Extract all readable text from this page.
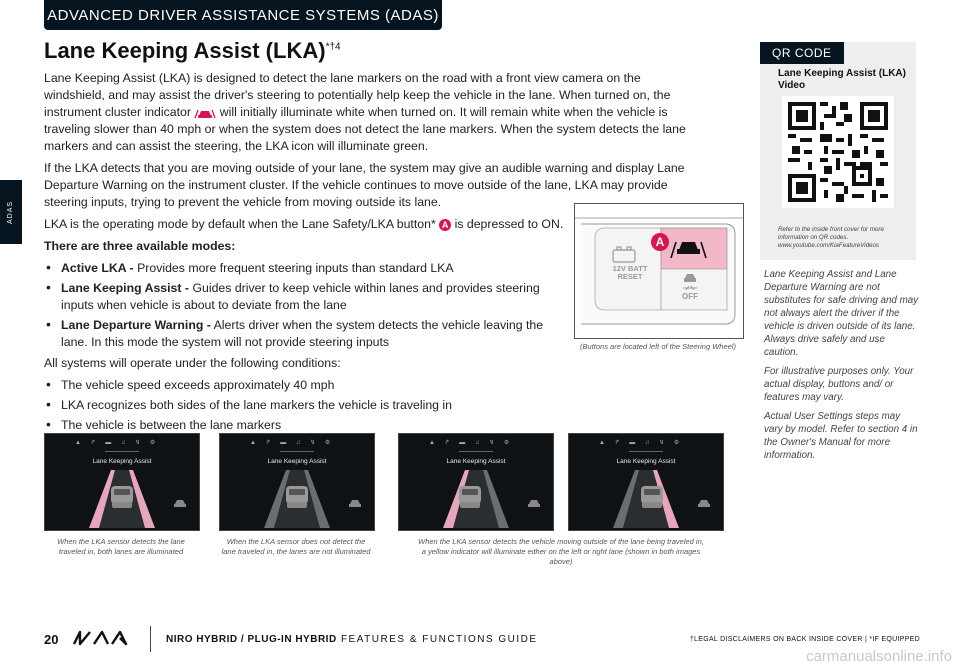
ADVANCED DRIVER ASSISTANCE SYSTEMS (ADAS)
ADAS
Lane Keeping Assist (LKA)$^{*\dagger 4}$

Lane Keeping Assist (LKA) is designed to detect the lane markers on the road with a front view camera on the windshield, and may assist the driver's steering to potentially help keep the vehicle in the lane. When turned on, the instrument cluster indicator will initially illuminate white when turned on. It will remain white when the vehicle is traveling slower than 40 mph or when the system does not detect the lane markers. When the system detects the lane markers and can assist the steering, the LKA icon will illuminate green.

If the LKA detects that you are moving outside of your lane, the system may give an audible warning and display Lane Departure Warning on the instrument cluster. If the vehicle continues to move outside of the lane, LKA may provide steering inputs, trying to prevent the vehicle from moving outside its lane.

LKA is the operating mode by default when the Lane Safety/LKA button* A is depressed to ON.

There are three available modes:

• Active LKA - Provides more frequent steering inputs than standard LKA
• Lane Keeping Assist - Guides driver to keep vehicle within lanes and provides steering inputs when vehicle is about to deviate from the lane
• Lane Departure Warning - Alerts driver when the system detects the vehicle leaving the lane. In this mode the system will not provide steering inputs

All systems will operate under the following conditions:

• The vehicle speed exceeds approximately 40 mph
• LKA recognizes both sides of the lane markers the vehicle is traveling in
• The vehicle is between the lane markers
QR CODE
Lane Keeping Assist (LKA) Video
Refer to the inside front cover for more information on QR codes. www.youtube.com/KiaFeatureVideos

Lane Keeping Assist and Lane Departure Warning are not substitutes for safe driving and may not always alert the driver if the vehicle is driven outside of its lane. Always drive safely and use caution.

For illustrative purposes only. Your actual display, buttons and/ or features may vary.

Actual User Settings steps may vary by model. Refer to section 4 in the Owner's Manual for more information.

12V BATT
RESET
OFF
A
(Buttons are located left of the Steering Wheel)
▲ ↱ ▬ ♫ ↯ ⚙
Lane Keeping Assist
▲ ↱ ▬ ♫ ↯ ⚙
Lane Keeping Assist
▲ ↱ ▬ ♫ ↯ ⚙
Lane Keeping Assist
▲ ↱ ▬ ♫ ↯ ⚙
Lane Keeping Assist
When the LKA sensor detects the lane traveled in, both lanes are illuminated
When the LKA sensor does not detect the lane traveled in, the lanes are not illuminated
When the LKA sensor detects the vehicle moving outside of the lane being traveled in, a yellow indicator will illuminate either on the left or right lane (shown in both images above)
20	NIRO HYBRID / PLUG-IN HYBRID FEATURES & FUNCTIONS GUIDE	†LEGAL DISCLAIMERS ON BACK INSIDE COVER | *IF EQUIPPED
carmanualsonline.info
